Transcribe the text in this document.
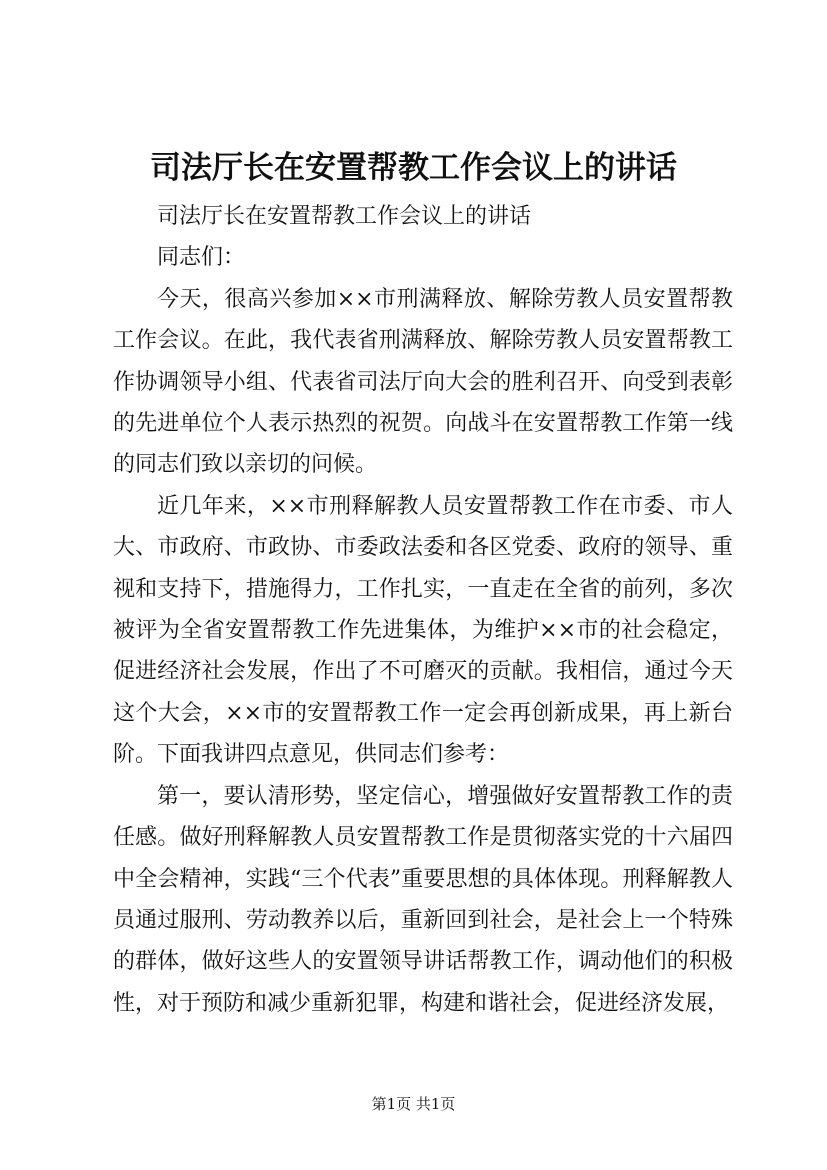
司法厅长在安置帮教工作会议上的讲话

司法厅长在安置帮教工作会议上的讲话

同志们：

今天，很高兴参加××市刑满释放、解除劳教人员安置帮教工作会议。在此，我代表省刑满释放、解除劳教人员安置帮教工作协调领导小组、代表省司法厅向大会的胜利召开、向受到表彰的先进单位个人表示热烈的祝贺。向战斗在安置帮教工作第一线的同志们致以亲切的问候。

近几年来，××市刑释解教人员安置帮教工作在市委、市人大、市政府、市政协、市委政法委和各区党委、政府的领导、重视和支持下，措施得力，工作扎实，一直走在全省的前列，多次被评为全省安置帮教工作先进集体，为维护××市的社会稳定，促进经济社会发展，作出了不可磨灭的贡献。我相信，通过今天这个大会，××市的安置帮教工作一定会再创新成果，再上新台阶。下面我讲四点意见，供同志们参考：

第一，要认清形势，坚定信心，增强做好安置帮教工作的责任感。做好刑释解教人员安置帮教工作是贯彻落实党的十六届四中全会精神，实践“三个代表”重要思想的具体体现。刑释解教人员通过服刑、劳动教养以后，重新回到社会，是社会上一个特殊的群体，做好这些人的安置领导讲话帮教工作，调动他们的积极性，对于预防和减少重新犯罪，构建和谐社会，促进经济发展，

第1页 共1页
